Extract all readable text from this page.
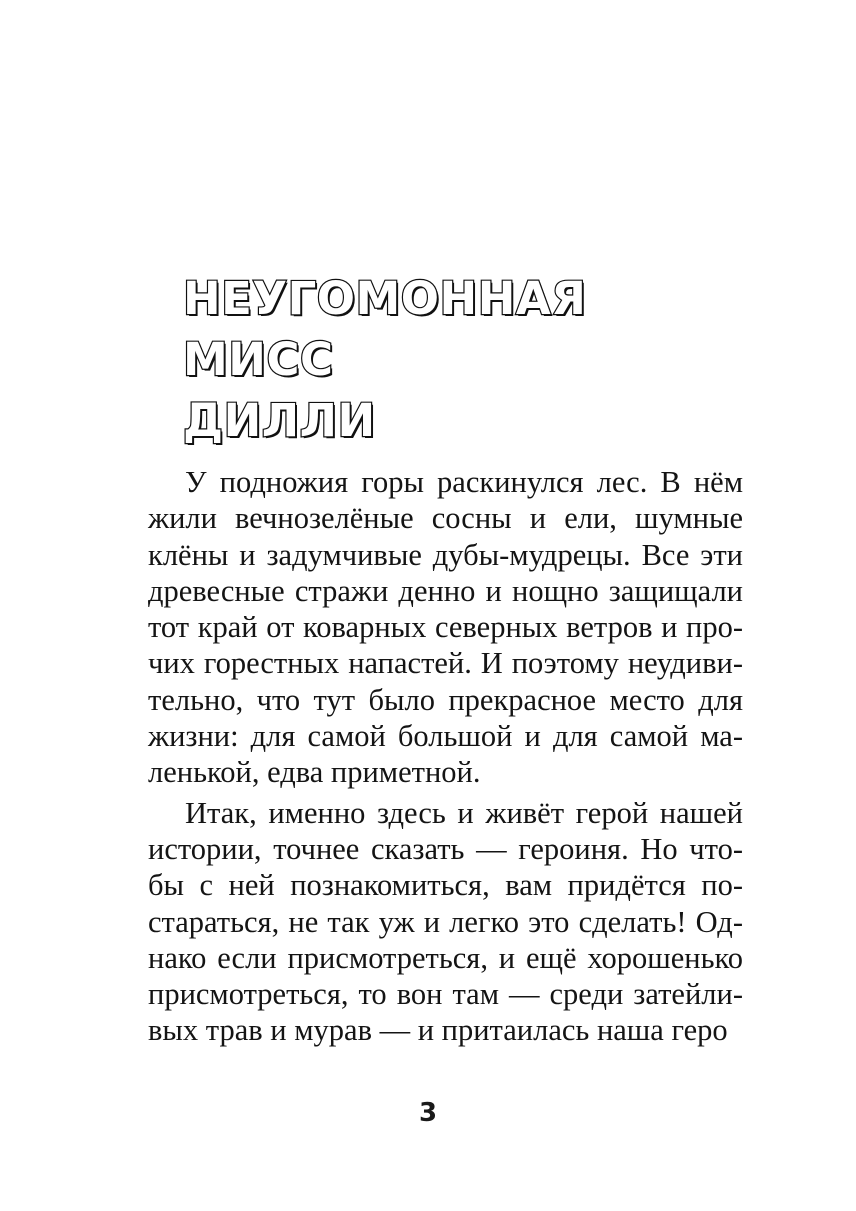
НЕУГОМОННАЯ МИСС
ДИЛЛИ

У подножия горы раскинулся лес. В нём жили вечнозелёные сосны и ели, шумные клёны и задумчивые дубы-мудрецы. Все эти древесные стражи денно и нощно защищали тот край от коварных северных ветров и прочих горестных напастей. И поэтому неудивительно, что тут было прекрасное место для жизни: для самой большой и для самой маленькой, едва приметной.

Итак, именно здесь и живёт герой нашей истории, точнее сказать — героиня. Но чтобы с ней познакомиться, вам придётся постараться, не так уж и легко это сделать! Однако если присмотреться, и ещё хорошенько присмотреться, то вон там — среди затейливых трав и мурав — и притаилась наша геро

3
